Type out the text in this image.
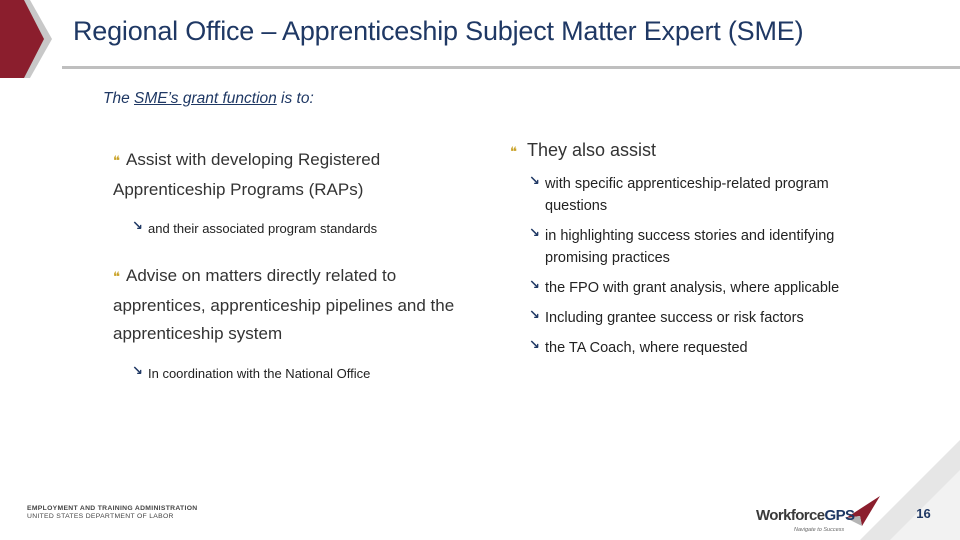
Regional Office – Apprenticeship Subject Matter Expert (SME)
The SME’s grant function is to:
❝ Assist with developing Registered Apprenticeship Programs (RAPs)
↘ and their associated program standards
❝ Advise on matters directly related to apprentices, apprenticeship pipelines and the apprenticeship system
↘ In coordination with the National Office
❝ They also assist
↘ with specific apprenticeship-related program questions
↘ in highlighting success stories and identifying promising practices
↘ the FPO with grant analysis, where applicable
↘ Including grantee success or risk factors
↘ the TA Coach, where requested
EMPLOYMENT AND TRAINING ADMINISTRATION
UNITED STATES DEPARTMENT OF LABOR	WorkforceGPS
Navigate to Success
16
